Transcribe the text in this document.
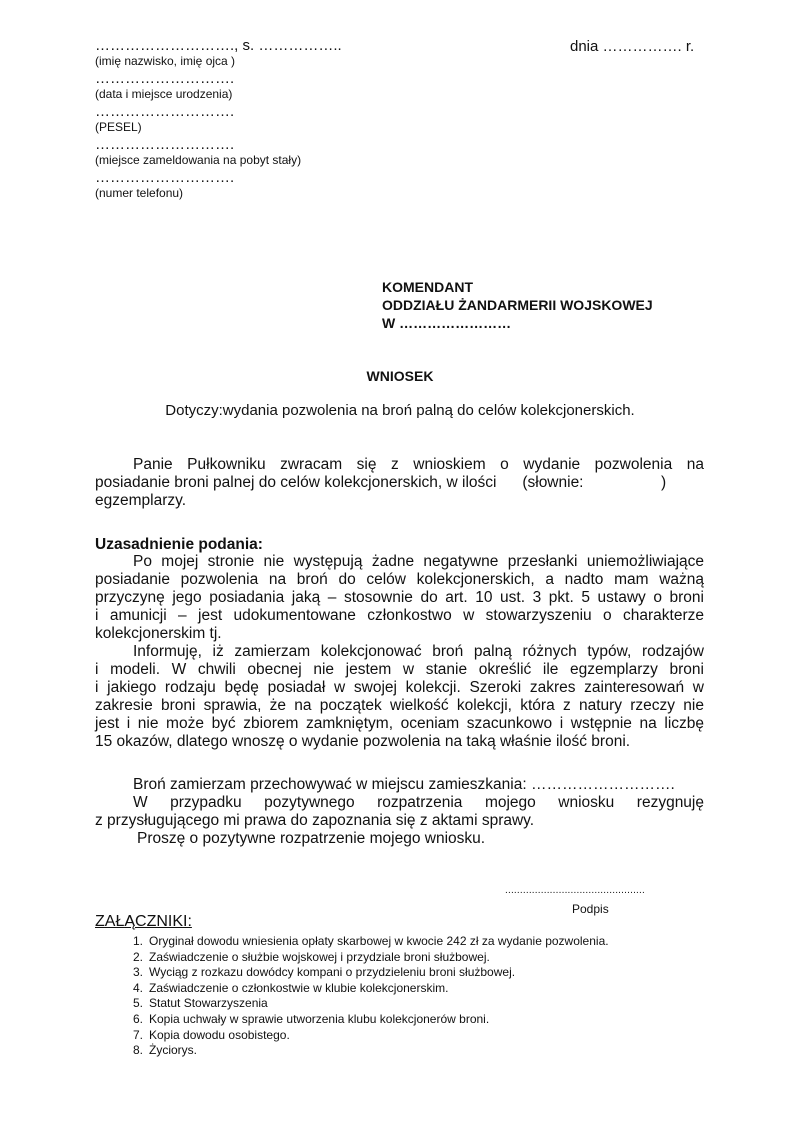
………………………., s. ……………..
(imię nazwisko, imię ojca )
……………………….
(data i miejsce urodzenia)
……………………….
(PESEL)
……………………….
(miejsce zameldowania na pobyt stały)
……………………….
(numer telefonu)
dnia ……………. r.
KOMENDANT
ODDZIAŁU ŻANDARMERII WOJSKOWEJ
W ……………………
WNIOSEK
Dotyczy:wydania pozwolenia na broń palną do celów kolekcjonerskich.
Panie Pułkowniku zwracam się z wnioskiem o wydanie pozwolenia na
posiadanie broni palnej do celów kolekcjonerskich, w ilości      (słownie:                  )
egzemplarzy.
Uzasadnienie podania:
Po mojej stronie nie występują żadne negatywne przesłanki uniemożliwiające
posiadanie pozwolenia na broń do celów kolekcjonerskich, a nadto mam ważną
przyczynę jego posiadania jaką – stosownie do art. 10 ust. 3 pkt. 5 ustawy o broni
i amunicji – jest udokumentowane członkostwo w stowarzyszeniu o charakterze
kolekcjonerskim tj.
Informuję, iż zamierzam kolekcjonować broń palną różnych typów, rodzajów
i modeli. W chwili obecnej nie jestem w stanie określić ile egzemplarzy broni
i jakiego rodzaju będę posiadał w swojej kolekcji. Szeroki zakres zainteresowań w
zakresie broni sprawia, że na początek wielkość kolekcji, która z natury rzeczy nie
jest i nie może być zbiorem zamkniętym, oceniam szacunkowo i wstępnie na liczbę
15 okazów, dlatego wnoszę o wydanie pozwolenia na taką właśnie ilość broni.
Broń zamierzam przechowywać w miejscu zamieszkania: ……………………….
W przypadku pozytywnego rozpatrzenia mojego wniosku rezygnuję
z przysługującego mi prawa do zapoznania się z aktami sprawy.
Proszę o pozytywne rozpatrzenie mojego wniosku.
...............................................
Podpis
ZAŁĄCZNIKI:
1. Oryginał dowodu wniesienia opłaty skarbowej w kwocie 242 zł za wydanie pozwolenia.
2. Zaświadczenie o służbie wojskowej i przydziale broni służbowej.
3. Wyciąg z rozkazu dowódcy kompani o przydzieleniu broni służbowej.
4. Zaświadczenie o członkostwie w klubie kolekcjonerskim.
5. Statut Stowarzyszenia
6. Kopia uchwały w sprawie utworzenia klubu kolekcjonerów broni.
7. Kopia dowodu osobistego.
8. Życiorys.
